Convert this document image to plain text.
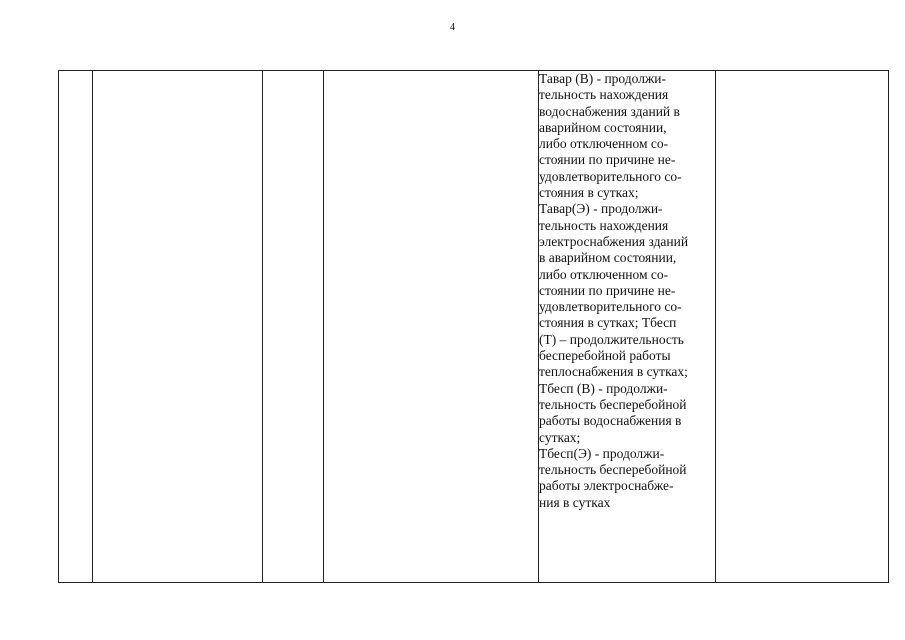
4

Тавар (В) - продолжи-
тельность нахождения
водоснабжения зданий в
аварийном состоянии,
либо отключенном со-
стоянии по причине не-
удовлетворительного со-
стояния в сутках;
Тавар(Э) - продолжи-
тельность нахождения
электроснабжения зданий
в аварийном состоянии,
либо отключенном со-
стоянии по причине не-
удовлетворительного со-
стояния в сутках; Тбесп
(Т) – продолжительность
бесперебойной работы
теплоснабжения в сутках;
Тбесп (В) - продолжи-
тельность бесперебойной
работы водоснабжения в
сутках;
Тбесп(Э) - продолжи-
тельность бесперебойной
работы электроснабже-
ния в сутках
